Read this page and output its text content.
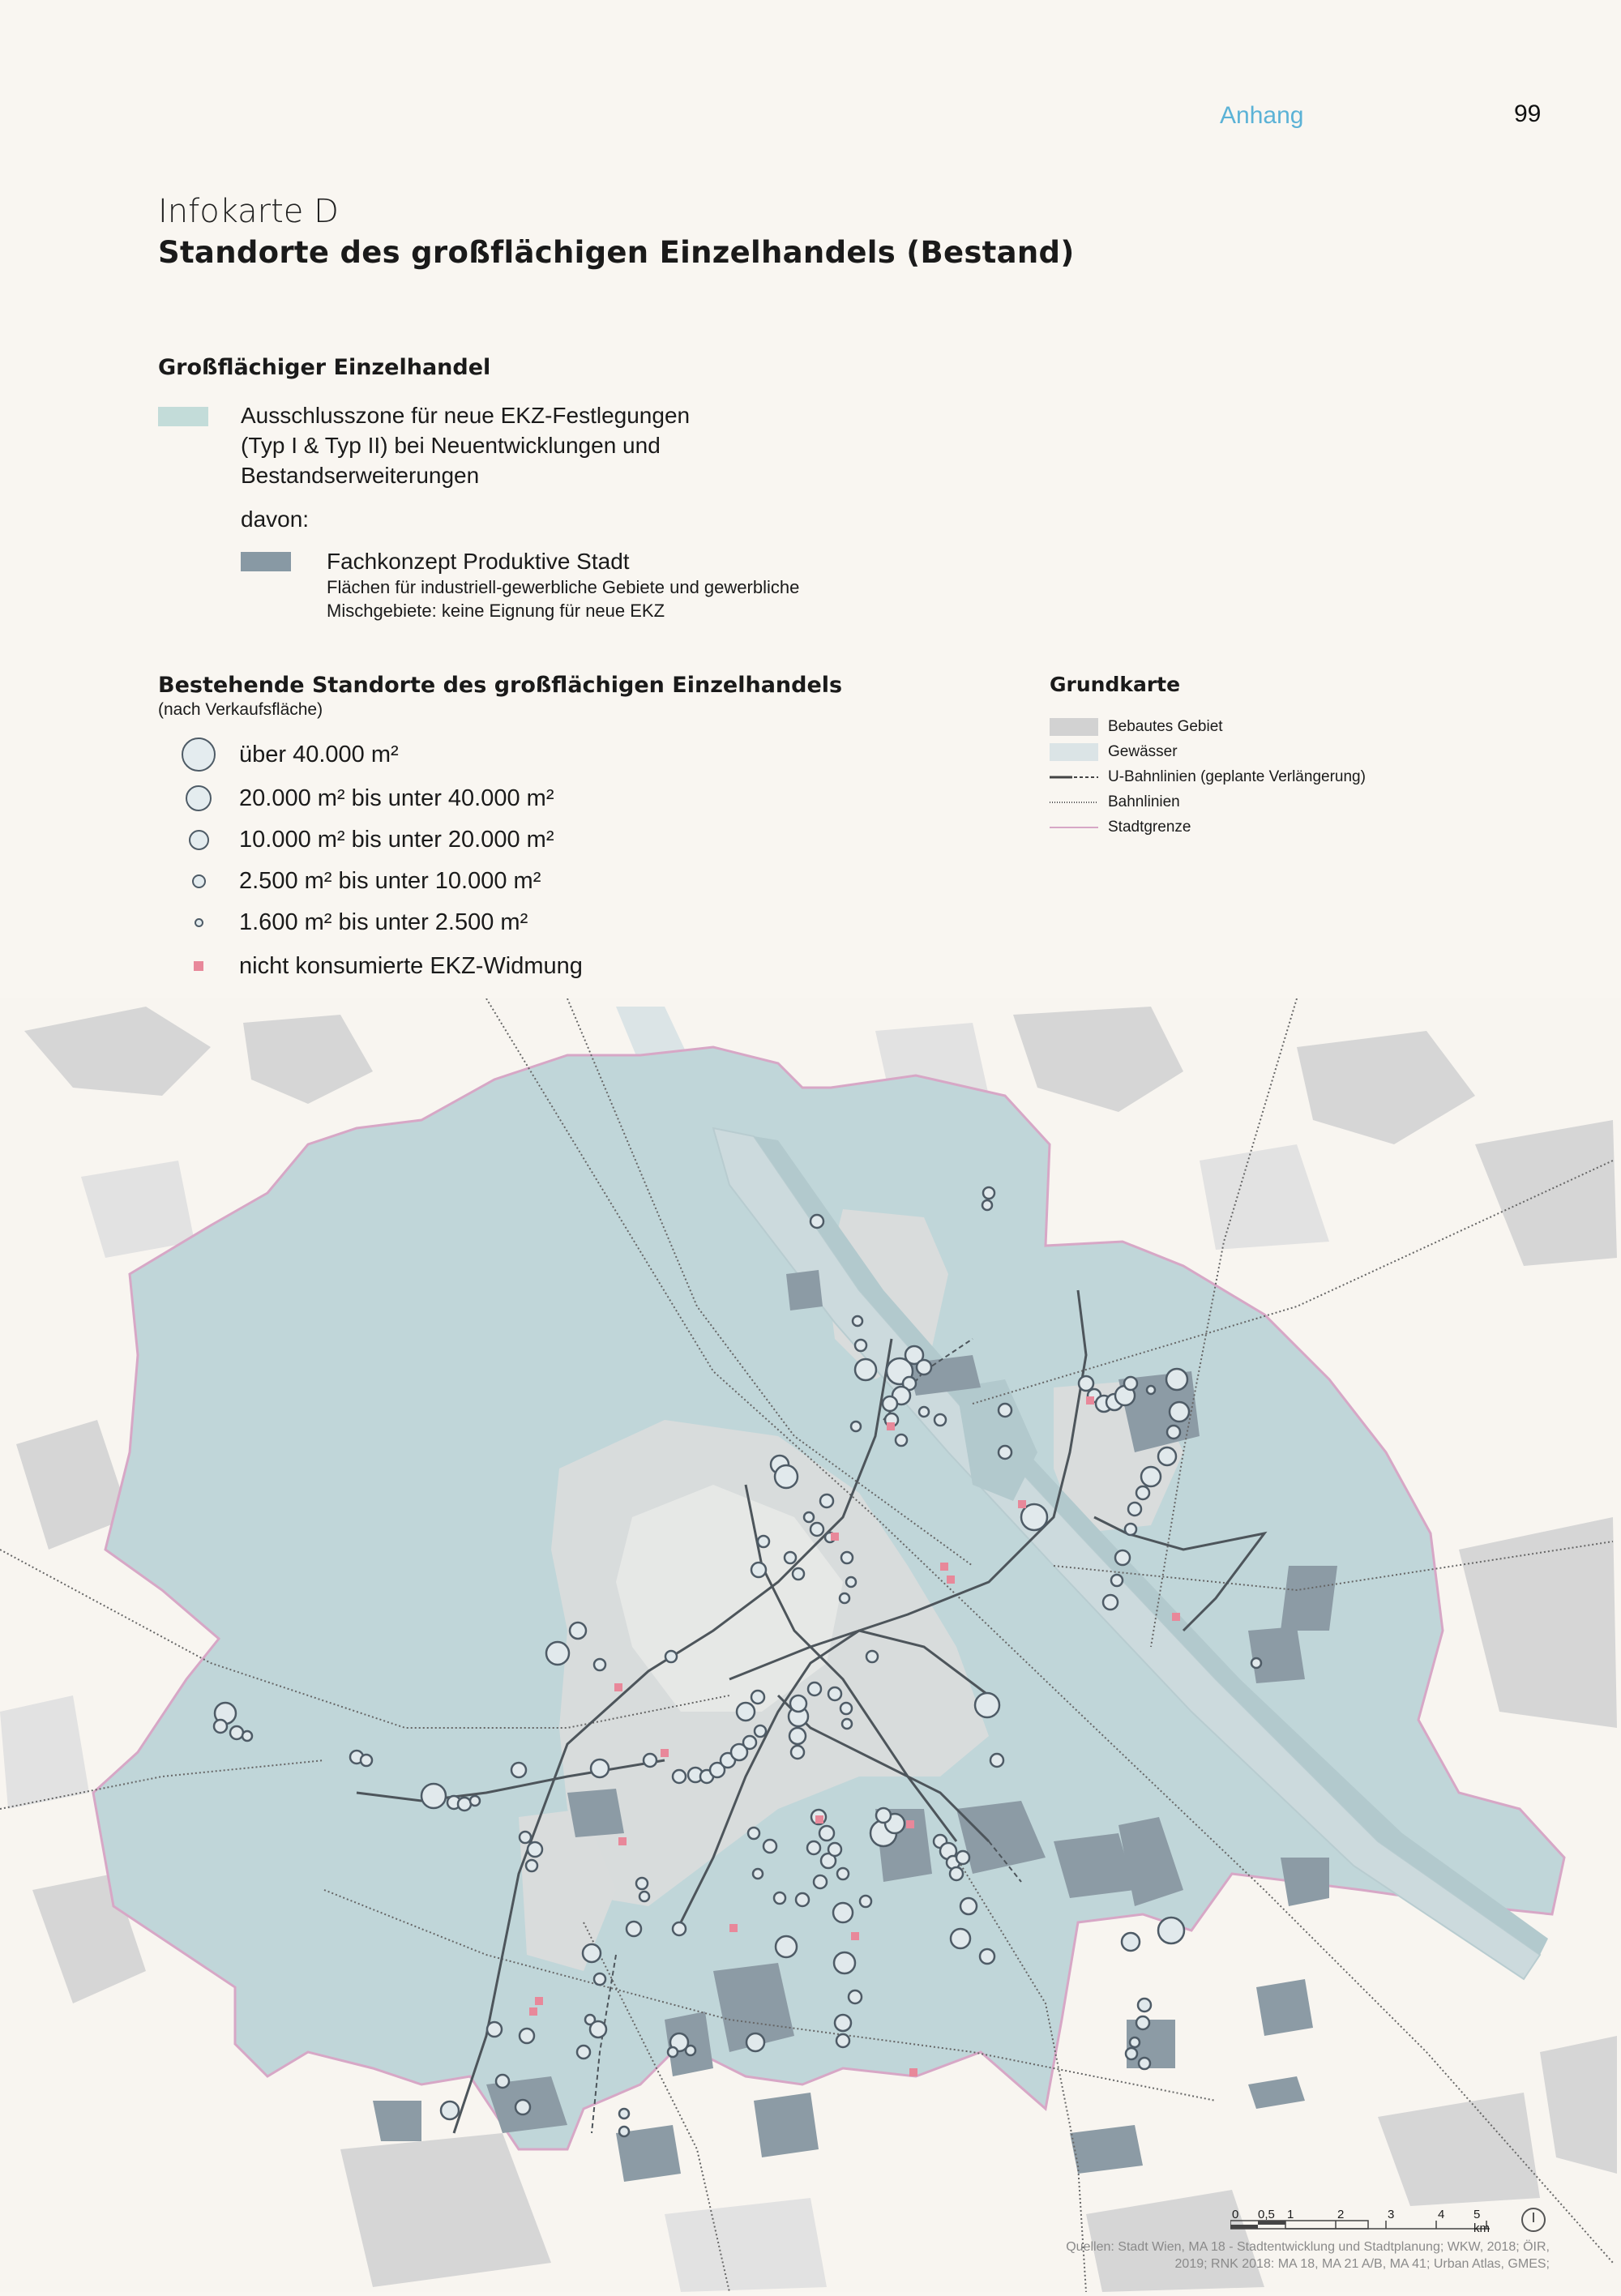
Anhang	99
Infokarte D
Standorte des großflächigen Einzelhandels (Bestand)
Großflächiger Einzelhandel
Ausschlusszone für neue EKZ-Festlegungen
(Typ I & Typ II) bei Neuentwicklungen und
Bestandserweiterungen
davon:
Fachkonzept Produktive Stadt
Flächen für industriell-gewerbliche Gebiete und gewerbliche
Mischgebiete: keine Eignung für neue EKZ
Bestehende Standorte des großflächigen Einzelhandels
(nach Verkaufsfläche)
über 40.000 m²
20.000 m² bis unter 40.000 m²
10.000 m² bis unter 20.000 m²
2.500 m² bis unter 10.000 m²
1.600 m² bis unter 2.500 m²
nicht konsumierte EKZ-Widmung
Grundkarte
Bebautes Gebiet
Gewässer
U-Bahnlinien (geplante Verlängerung)
Bahnlinien
Stadtgrenze
0 0,5 1	2	3	4 5 km
Quellen: Stadt Wien, MA 18 - Stadtentwicklung und Stadtplanung; WKW, 2018; ÖIR,
2019; RNK 2018: MA 18, MA 21 A/B, MA 41; Urban Atlas, GMES;
